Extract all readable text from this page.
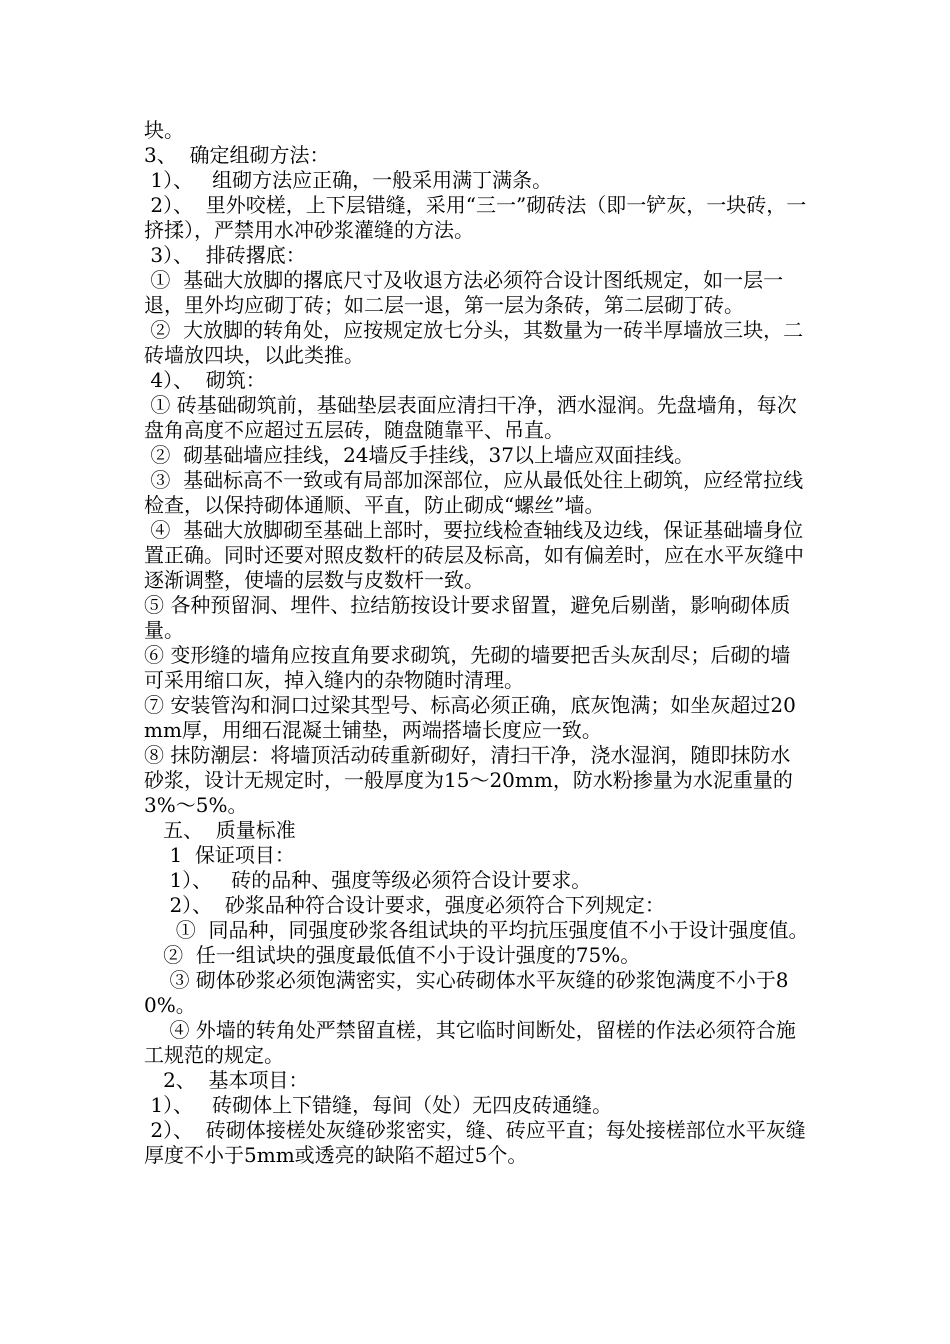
块。

3、  确定组砌方法：

1）、   组砌方法应正确，一般采用满丁满条。

2）、  里外咬槎，上下层错缝，采用“三一”砌砖法（即一铲灰，一块砖，一挤揉），严禁用水冲砂浆灌缝的方法。

3）、  排砖撂底：

①  基础大放脚的撂底尺寸及收退方法必须符合设计图纸规定，如一层一退，里外均应砌丁砖；如二层一退，第一层为条砖，第二层砌丁砖。

②  大放脚的转角处，应按规定放七分头，其数量为一砖半厚墙放三块，二砖墙放四块，以此类推。

4）、  砌筑：

① 砖基础砌筑前，基础垫层表面应清扫干净，洒水湿润。先盘墙角，每次盘角高度不应超过五层砖，随盘随靠平、吊直。

②  砌基础墙应挂线，24墙反手挂线，37以上墙应双面挂线。

③  基础标高不一致或有局部加深部位，应从最低处往上砌筑，应经常拉线检查，以保持砌体通顺、平直，防止砌成“螺丝”墙。

④  基础大放脚砌至基础上部时，要拉线检查轴线及边线，保证基础墙身位置正确。同时还要对照皮数杆的砖层及标高，如有偏差时，应在水平灰缝中逐渐调整，使墙的层数与皮数杆一致。

⑤ 各种预留洞、埋件、拉结筋按设计要求留置，避免后剔凿，影响砌体质量。

⑥ 变形缝的墙角应按直角要求砌筑，先砌的墙要把舌头灰刮尽；后砌的墙可采用缩口灰，掉入缝内的杂物随时清理。

⑦ 安装管沟和洞口过梁其型号、标高必须正确，底灰饱满；如坐灰超过20mm厚，用细石混凝土铺垫，两端搭墙长度应一致。

⑧ 抹防潮层：将墙顶活动砖重新砌好，清扫干净，浇水湿润，随即抹防水砂浆，设计无规定时，一般厚度为15～20mm，防水粉掺量为水泥重量的3%～5%。

五、  质量标准

1  保证项目：

1）、   砖的品种、强度等级必须符合设计要求。

2）、  砂浆品种符合设计要求，强度必须符合下列规定：

①  同品种，同强度砂浆各组试块的平均抗压强度值不小于设计强度值。

②  任一组试块的强度最低值不小于设计强度的75%。

③ 砌体砂浆必须饱满密实，实心砖砌体水平灰缝的砂浆饱满度不小于80%。

④ 外墙的转角处严禁留直槎，其它临时间断处，留槎的作法必须符合施工规范的规定。

2、  基本项目：

1）、   砖砌体上下错缝，每间（处）无四皮砖通缝。

2）、  砖砌体接槎处灰缝砂浆密实，缝、砖应平直；每处接槎部位水平灰缝厚度不小于5mm或透亮的缺陷不超过5个。
